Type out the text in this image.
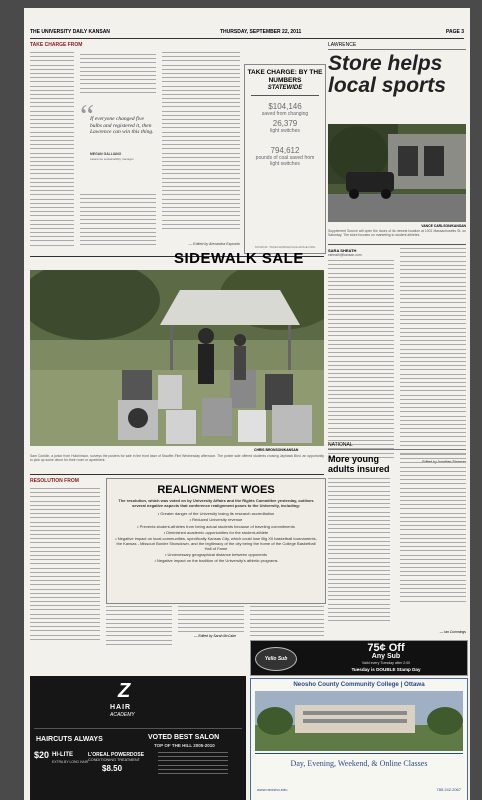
THE UNIVERSITY DAILY KANSAN	THURSDAY, SEPTEMBER 22, 2011	PAGE 3
TAKE CHARGE FROM
“
If everyone changed five bulbs and registered it, then Lawrence can win this thing.
MEGAN GALLIANO
Lawrence sustainability manager
— Edited by Alexandra Esposito
TAKE CHARGE: BY THE NUMBERS
STATEWIDE
$104,146
saved from changing
26,379
light switches
794,612
pounds of coal saved from light switches
SOURCE: TAKECHARGECHALLENGE.ORG
LAWRENCE
Store helps
local sports
VANCE CARLSON/KANSAN
Supplement Source will open the doors of its newest location at 1001 Massachusetts St. on Saturday. The store focuses on marketing to student athletes.
SARA SHEATH
ssheath@kansan.com
SIDEWALK SALE
CHRIS BRONSON/KANSAN
Sam Conklin, a junior from Hutchinson, surveys the posters for sale in the front lawn of Stauffer-Flint Wednesday afternoon. The poster sale offered students cruising Jayhawk Blvd. an opportunity to pick up some decor for their room or apartment.
NATIONAL
More young adults insured
— Ian Cummings
RESOLUTION FROM
REALIGNMENT WOES
The resolution, which was voted on by University Affairs and the Rights Committee yesterday, outlines several negative aspects that conference realignment poses to the University, including:
• Greater danger of the University losing its research accreditation
• Reduced University revenue
• Prevents student-athletes from being actual students because of traveling commitments
• Diminished academic opportunities for the student-athlete
• Negative impact on local communities, specifically Kansas City, which could lose Big XII basketball tournaments, the Kansas - Missouri Border Showdown, and the legitimacy of the city being the home of the College Basketball Hall of Fame
• Unnecessary geographical distance between opponents
• Negative impact on the tradition of the University's athletic programs
— Edited by Sarah McCabe
Yello Sub
75¢ Off
Any Sub
Valid every Tuesday after 2:00
Tuesday is DOUBLE Stamp Day
Z
HAIR
ACADEMY
HAIRCUTS ALWAYS	VOTED BEST SALON
TOP OF THE HILL 2005-2010
$20 HI-LITE
EXTRA BY LONG HAIR
L'OREAL POWERDOSE
CONDITIONING TREATMENT
$8.50
Neosho County Community College | Ottawa
Day, Evening, Weekend, & Online Classes
www.neosho.edu	785.242.2067
